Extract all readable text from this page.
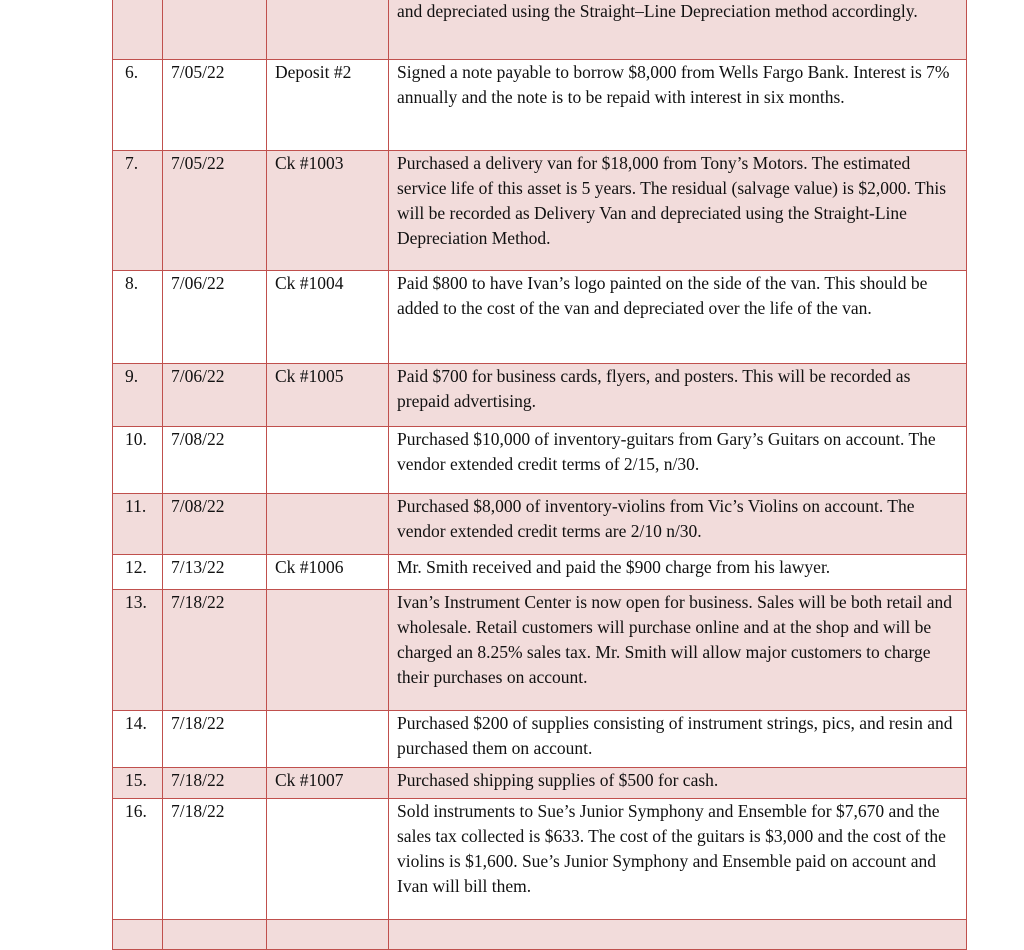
			and depreciated using the Straight–Line Depreciation method accordingly.
6.	7/05/22	Deposit #2	Signed a note payable to borrow $8,000 from Wells Fargo Bank. Interest is 7% annually and the note is to be repaid with interest in six months.
7.	7/05/22	Ck #1003	Purchased a delivery van for $18,000 from Tony’s Motors. The estimated service life of this asset is 5 years. The residual (salvage value) is $2,000. This will be recorded as Delivery Van and depreciated using the Straight-Line Depreciation Method.
8.	7/06/22	Ck #1004	Paid $800 to have Ivan’s logo painted on the side of the van. This should be added to the cost of the van and depreciated over the life of the van.
9.	7/06/22	Ck #1005	Paid $700 for business cards, flyers, and posters. This will be recorded as prepaid advertising.
10.	7/08/22		Purchased $10,000 of inventory-guitars from Gary’s Guitars on account. The vendor extended credit terms of 2/15, n/30.
11.	7/08/22		Purchased $8,000 of inventory-violins from Vic’s Violins on account. The vendor extended credit terms are 2/10 n/30.
12.	7/13/22	Ck #1006	Mr. Smith received and paid the $900 charge from his lawyer.
13.	7/18/22		Ivan’s Instrument Center is now open for business. Sales will be both retail and wholesale. Retail customers will purchase online and at the shop and will be charged an 8.25% sales tax. Mr. Smith will allow major customers to charge their purchases on account.
14.	7/18/22		Purchased $200 of supplies consisting of instrument strings, pics, and resin and purchased them on account.
15.	7/18/22	Ck #1007	Purchased shipping supplies of $500 for cash.
16.	7/18/22		Sold instruments to Sue’s Junior Symphony and Ensemble for $7,670 and the sales tax collected is $633. The cost of the guitars is $3,000 and the cost of the violins is $1,600. Sue’s Junior Symphony and Ensemble paid on account and Ivan will bill them.
